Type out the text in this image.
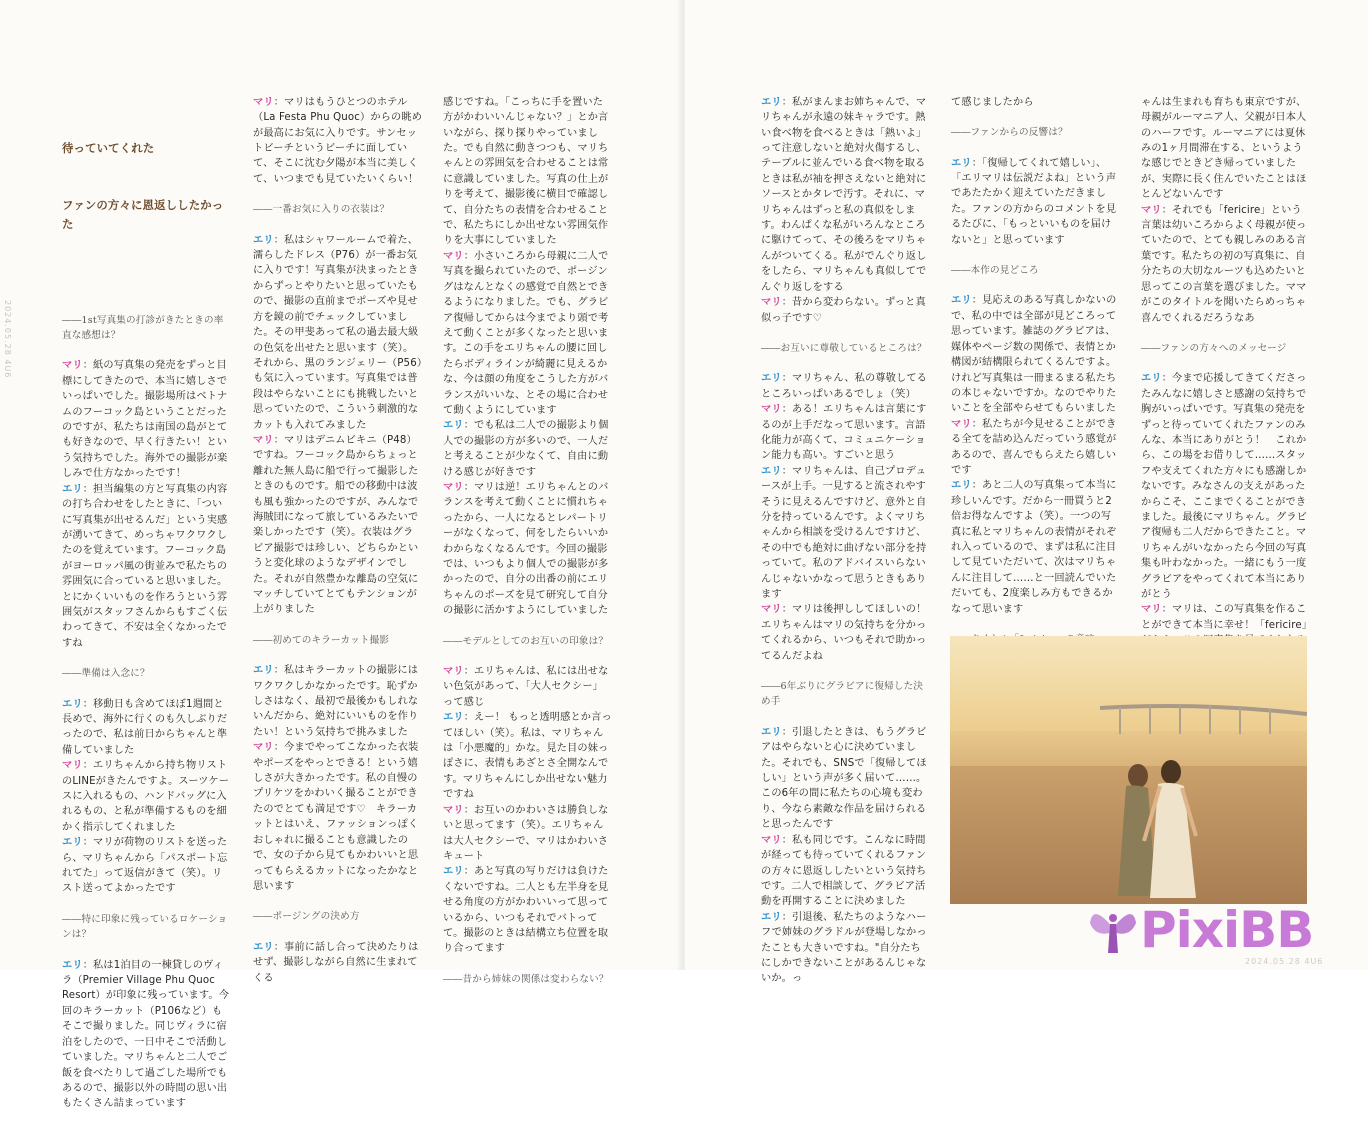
2024.05.28 4U6

待っていてくれた

ファンの方々に恩返ししたかった

――1st写真集の打診がきたときの率直な感想は？

マリ：紙の写真集の発売をずっと目標にしてきたので、本当に嬉しさでいっぱいでした。撮影場所はベトナムのフーコック島ということだったのですが、私たちは南国の島がとても好きなので、早く行きたい！という気持ちでした。海外での撮影が楽しみで仕方なかったです！

エリ：担当編集の方と写真集の内容の打ち合わせをしたときに、「ついに写真集が出せるんだ」という実感が湧いてきて、めっちゃワクワクしたのを覚えています。フーコック島がヨーロッパ風の街並みで私たちの雰囲気に合っていると思いました。とにかくいいものを作ろうという雰囲気がスタッフさんからもすごく伝わってきて、不安は全くなかったですね

――準備は入念に？

エリ：移動日も含めてほぼ1週間と長めで、海外に行くのも久しぶりだったので、私は前日からちゃんと準備していました

マリ：エリちゃんから持ち物リストのLINEがきたんですよ。スーツケースに入れるもの、ハンドバッグに入れるもの、と私が準備するものを細かく指示してくれました

エリ：マリが荷物のリストを送ったら、マリちゃんから「パスポート忘れてた」って返信がきて（笑）。リスト送ってよかったです

――特に印象に残っているロケーションは？

エリ：私は1泊目の一棟貸しのヴィラ（Premier Village Phu Quoc Resort）が印象に残っています。今回のキラーカット（P106など）もそこで撮りました。同じヴィラに宿泊をしたので、一日中そこで活動していました。マリちゃんと二人でご飯を食べたりして過ごした場所でもあるので、撮影以外の時間の思い出もたくさん詰まっています

マリ：マリはもうひとつのホテル（La Festa Phu Quoc）からの眺めが最高にお気に入りです。サンセットビーチというビーチに面していて、そこに沈む夕陽が本当に美しくて、いつまでも見ていたいくらい！

――一番お気に入りの衣装は？

エリ：私はシャワールームで着た、濡らしたドレス（P76）が一番お気に入りです！写真集が決まったときからずっとやりたいと思っていたもので、撮影の直前までポーズや見せ方を鏡の前でチェックしていました。その甲斐あって私の過去最大級の色気を出せたと思います（笑）。それから、黒のランジェリー（P56）も気に入っています。写真集では普段はやらないことにも挑戦したいと思っていたので、こういう刺激的なカットも入れてみました

マリ：マリはデニムビキニ（P48）ですね。フーコック島からちょっと離れた無人島に船で行って撮影したときのものです。船での移動中は波も風も強かったのですが、みんなで海賊団になって旅しているみたいで楽しかったです（笑）。衣装はグラビア撮影では珍しい、どちらかというと変化球のようなデザインでした。それが自然豊かな離島の空気にマッチしていてとてもテンションが上がりました

――初めてのキラーカット撮影

エリ：私はキラーカットの撮影にはワクワクしかなかったです。恥ずかしさはなく、最初で最後かもしれないんだから、絶対にいいものを作りたい！という気持ちで挑みました

マリ：今までやってこなかった衣装やポーズをやっとできる！という嬉しさが大きかったです。私の自慢のプリケツをかわいく撮ることができたのでとても満足です♡　キラーカットとはいえ、ファッションっぽくおしゃれに撮ることも意識したので、女の子から見てもかわいいと思ってもらえるカットになったかなと思います

――ポージングの決め方

エリ：事前に話し合って決めたりはせず、撮影しながら自然に生まれてくる

感じですね。「こっちに手を置いた方がかわいいんじゃない？」とか言いながら、探り探りやっていました。でも自然に動きつつも、マリちゃんとの雰囲気を合わせることは常に意識していました。写真の仕上がりを考えて、撮影後に横目で確認して、自分たちの表情を合わせることで、私たちにしか出せない雰囲気作りを大事にしていました

マリ：小さいころから母親に二人で写真を撮られていたので、ポージングはなんとなくの感覚で自然とできるようになりました。でも、グラビア復帰してからは今までより頭で考えて動くことが多くなったと思います。この手をエリちゃんの腰に回したらボディラインが綺麗に見えるかな、今は顔の角度をこうした方がバランスがいいな、とその場に合わせて動くようにしています

エリ：でも私は二人での撮影より個人での撮影の方が多いので、一人だと考えることが少なくて、自由に動ける感じが好きです

マリ：マリは逆！エリちゃんとのバランスを考えて動くことに慣れちゃったから、一人になるとレパートリーがなくなって、何をしたらいいかわからなくなるんです。今回の撮影では、いつもより個人での撮影が多かったので、自分の出番の前にエリちゃんのポーズを見て研究して自分の撮影に活かすようにしていました

――モデルとしてのお互いの印象は？

マリ：エリちゃんは、私には出せない色気があって、「大人セクシー」って感じ

エリ：えー！ もっと透明感とか言ってほしい（笑）。私は、マリちゃんは「小悪魔的」かな。見た目の妹っぽさに、表情もあざとさ全開なんです。マリちゃんにしか出せない魅力ですね

マリ：お互いのかわいさは勝負しないと思ってます（笑）。エリちゃんは大人セクシーで、マリはかわいさキュート

エリ：あと写真の写りだけは負けたくないですね。二人とも左半身を見せる角度の方がかわいいって思っているから、いつもそれでバトってて。撮影のときは結構立ち位置を取り合ってます

――昔から姉妹の関係は変わらない？

エリ：私がまんまお姉ちゃんで、マリちゃんが永遠の妹キャラです。熱い食べ物を食べるときは「熱いよ」って注意しないと絶対火傷するし、テーブルに並んでいる食べ物を取るときは私が袖を押さえないと絶対にソースとかタレで汚す。それに、マリちゃんはずっと私の真似をします。わんぱくな私がいろんなところに駆けてって、その後ろをマリちゃんがついてくる。私がでんぐり返しをしたら、マリちゃんも真似してでんぐり返しをする

マリ：昔から変わらない。ずっと真似っ子です♡

――お互いに尊敬しているところは？

エリ：マリちゃん、私の尊敬してるところいっぱいあるでしょ（笑）

マリ：ある！エリちゃんは言葉にするのが上手だなって思います。言語化能力が高くて、コミュニケーション能力も高い。すごいと思う

エリ：マリちゃんは、自己プロデュースが上手。一見すると流されやすそうに見えるんですけど、意外と自分を持っているんです。よくマリちゃんから相談を受けるんですけど、その中でも絶対に曲げない部分を持っていて。私のアドバイスいらないんじゃないかなって思うときもあります

マリ：マリは後押ししてほしいの！エリちゃんはマリの気持ちを分かってくれるから、いつもそれで助かってるんだよね

――6年ぶりにグラビアに復帰した決め手

エリ：引退したときは、もうグラビアはやらないと心に決めていました。それでも、SNSで「復帰してほしい」という声が多く届いて……。この6年の間に私たちの心境も変わり、今なら素敵な作品を届けられると思ったんです

マリ：私も同じです。こんなに時間が経っても待っていてくれるファンの方々に恩返ししたいという気持ちです。二人で相談して、グラビア活動を再開することに決めました

エリ：引退後、私たちのようなハーフで姉妹のグラドルが登場しなかったことも大きいですね。"自分たちにしかできないことがあるんじゃないか。っ

て感じましたから

――ファンからの反響は？

エリ：「復帰してくれて嬉しい」、「エリマリは伝説だよね」という声であたたかく迎えていただきました。ファンの方からのコメントを見るたびに、「もっといいものを届けないと」と思っています

――本作の見どころ

エリ：見応えのある写真しかないので、私の中では全部が見どころって思っています。雑誌のグラビアは、媒体やページ数の関係で、表情とか構図が結構限られてくるんですよ。けれど写真集は一冊まるまる私たちの本じゃないですか。なのでやりたいことを全部やらせてもらいました

マリ：私たちが今見せることができる全てを詰め込んだっていう感覚があるので、喜んでもらえたら嬉しいです

エリ：あと二人の写真集って本当に珍しいんです。だから一冊買うと2倍お得なんですよ（笑）。一つの写真に私とマリちゃんの表情がそれぞれ入っているので、まずは私に注目して見ていただいて、次はマリちゃんに注目して……と一回読んでいただいても、2度楽しみ方もできるかなって思います

ゃんは生まれも育ちも東京ですが、母親がルーマニア人、父親が日本人のハーフです。ルーマニアには夏休みの1ヶ月間滞在する、というような感じでときどき帰っていましたが、実際に長く住んでいたことはほとんどないんです

マリ：それでも「fericire」という言葉は幼いころからよく母親が使っていたので、とても親しみのある言葉です。私たちの初の写真集に、自分たちの大切なルーツも込めたいと思ってこの言葉を選びました。ママがこのタイトルを聞いたらめっちゃ喜んでくれるだろうなあ

――ファンの方々へのメッセージ

エリ：今まで応援してきてくださったみんなに嬉しさと感謝の気持ちで胸がいっぱいです。写真集の発売をずっと待っていてくれたファンのみんな、本当にありがとう！　これから、この場をお借りして……スタッフや支えてくれた方々にも感謝しかないです。みなさんの支えがあったからこそ、ここまでくることができました。最後にマリちゃん。グラビア復帰も二人だからできたこと。マリちゃんがいなかったら今回の写真集も叶わなかった。一緒にもう一度グラビアをやってくれて本当にありがとう

マリ：マリは、この写真集を作ることができて本当に幸せ！「fericire」

2024.05.28 4U6
PixiBB
